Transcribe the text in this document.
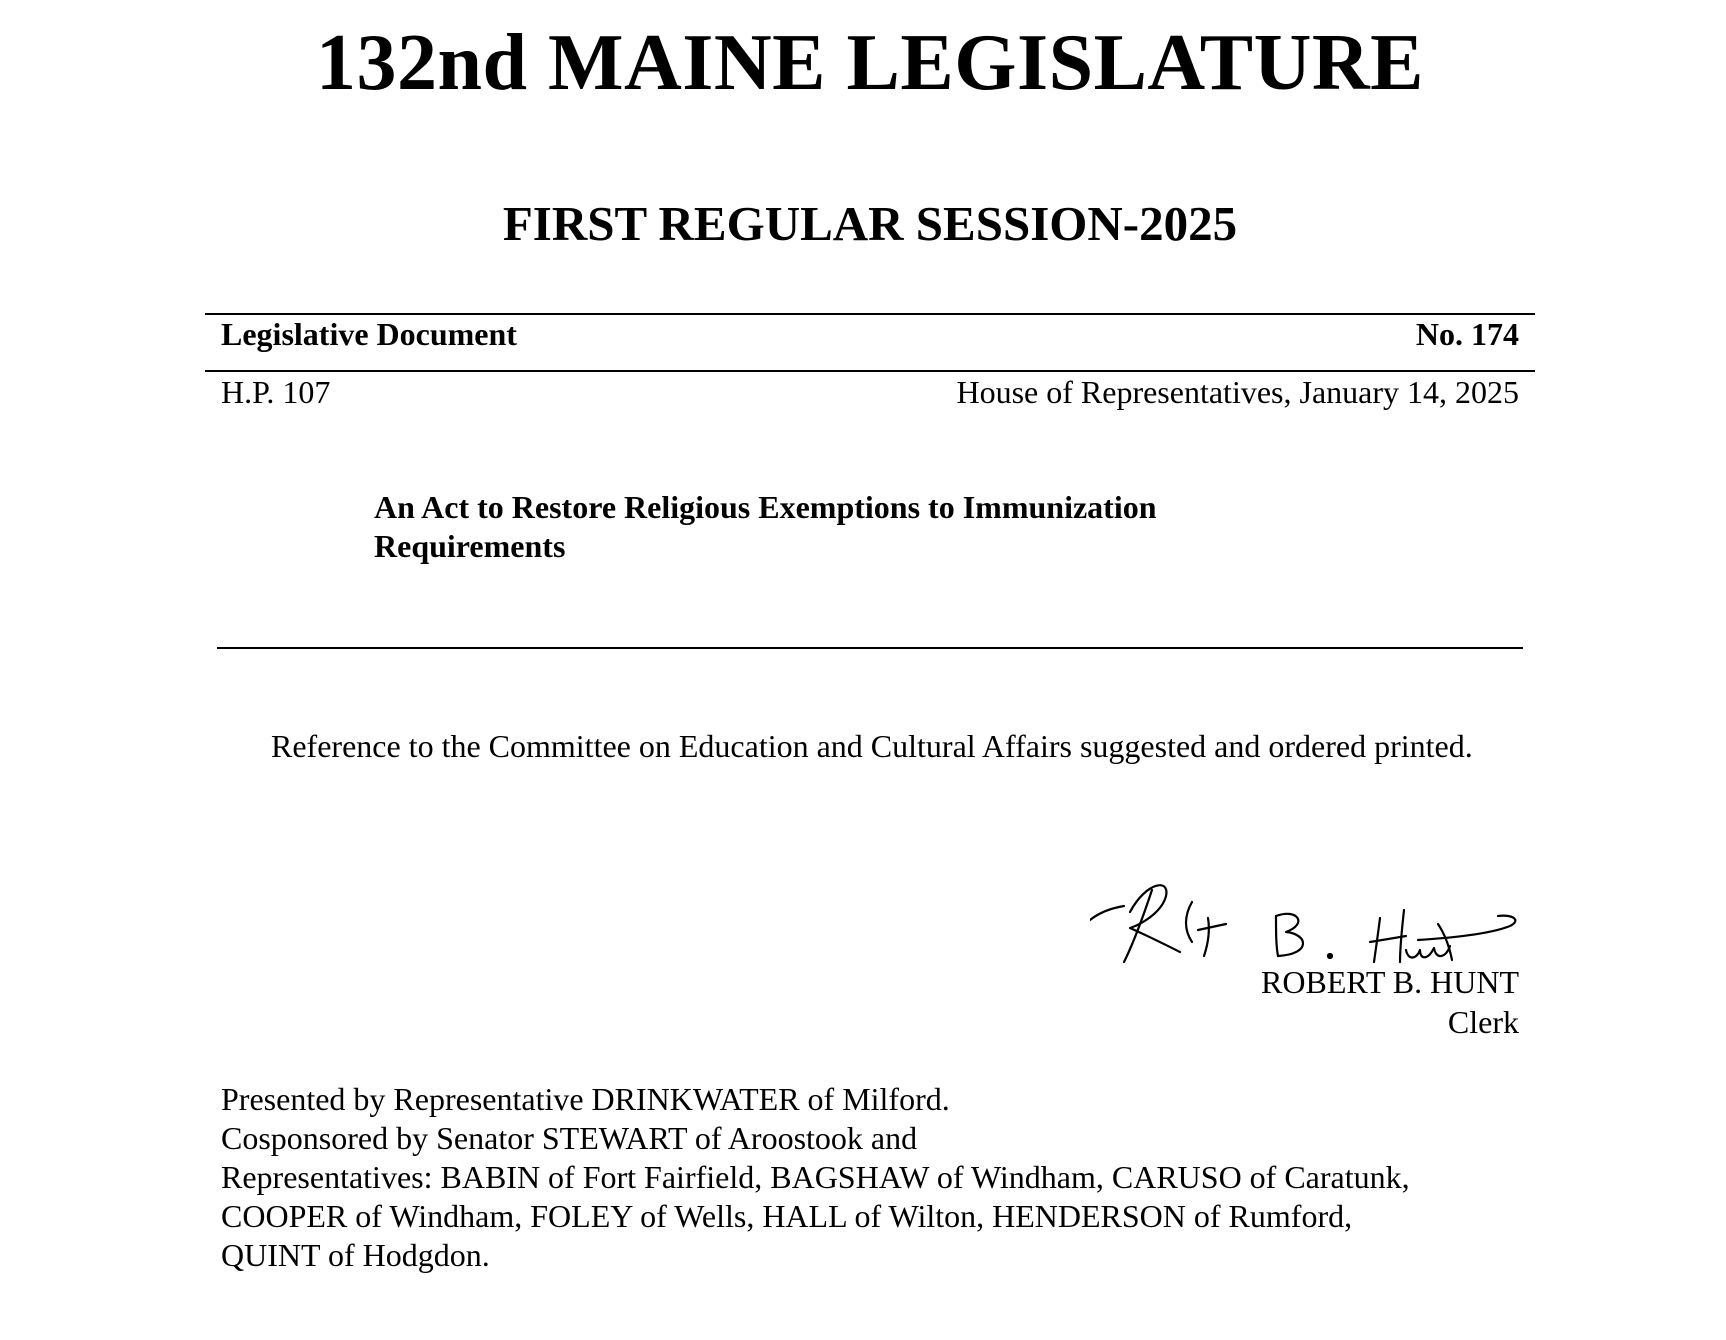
132nd MAINE LEGISLATURE
FIRST REGULAR SESSION-2025
Legislative Document	No. 174
H.P. 107	House of Representatives, January 14, 2025
An Act to Restore Religious Exemptions to Immunization
Requirements

Reference to the Committee on Education and Cultural Affairs suggested and ordered printed.

ROBERT B. HUNT
Clerk
Presented by Representative DRINKWATER of Milford.
Cosponsored by Senator STEWART of Aroostook and
Representatives: BABIN of Fort Fairfield, BAGSHAW of Windham, CARUSO of Caratunk,
COOPER of Windham, FOLEY of Wells, HALL of Wilton, HENDERSON of Rumford,
QUINT of Hodgdon.
